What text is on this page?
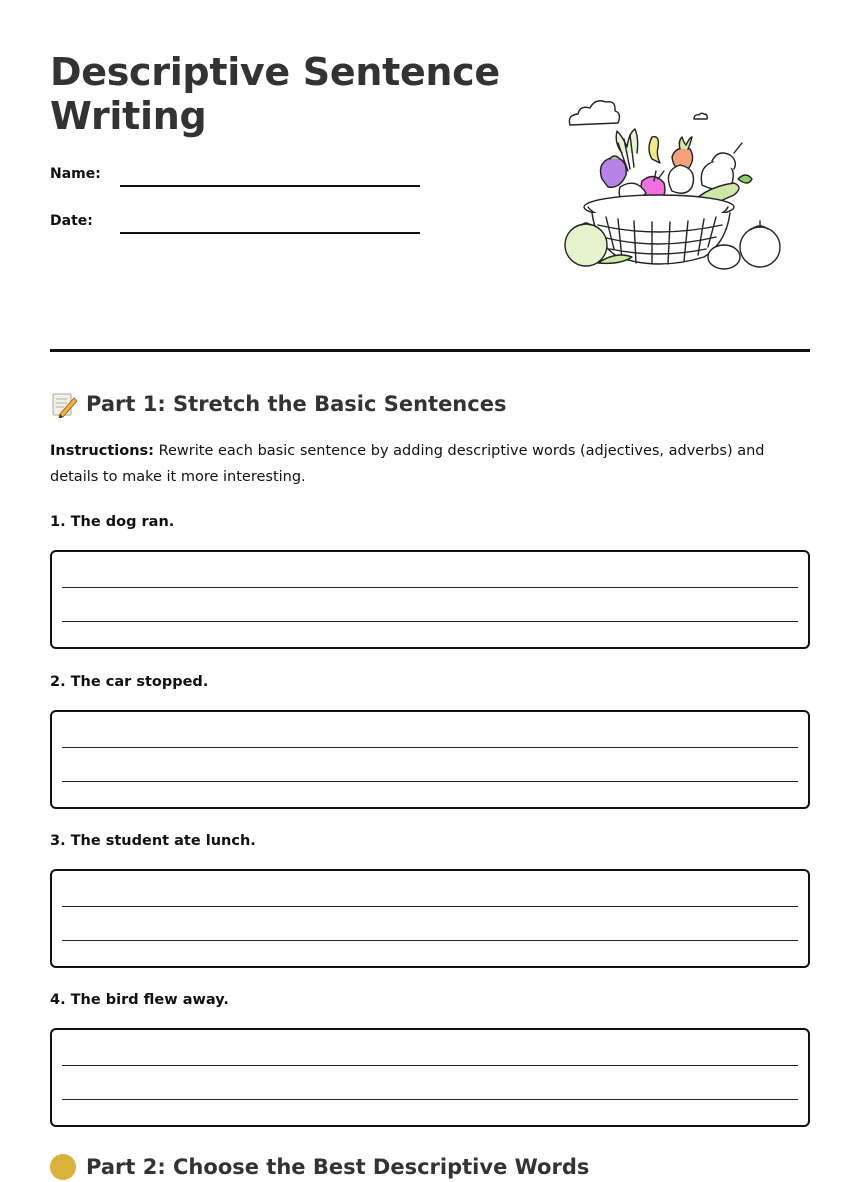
Descriptive Sentence Writing
Name:
Date:
Part 1: Stretch the Basic Sentences
Instructions: Rewrite each basic sentence by adding descriptive words (adjectives, adverbs) and details to make it more interesting.
1. The dog ran.
2. The car stopped.
3. The student ate lunch.
4. The bird flew away.
Part 2: Choose the Best Descriptive Words
